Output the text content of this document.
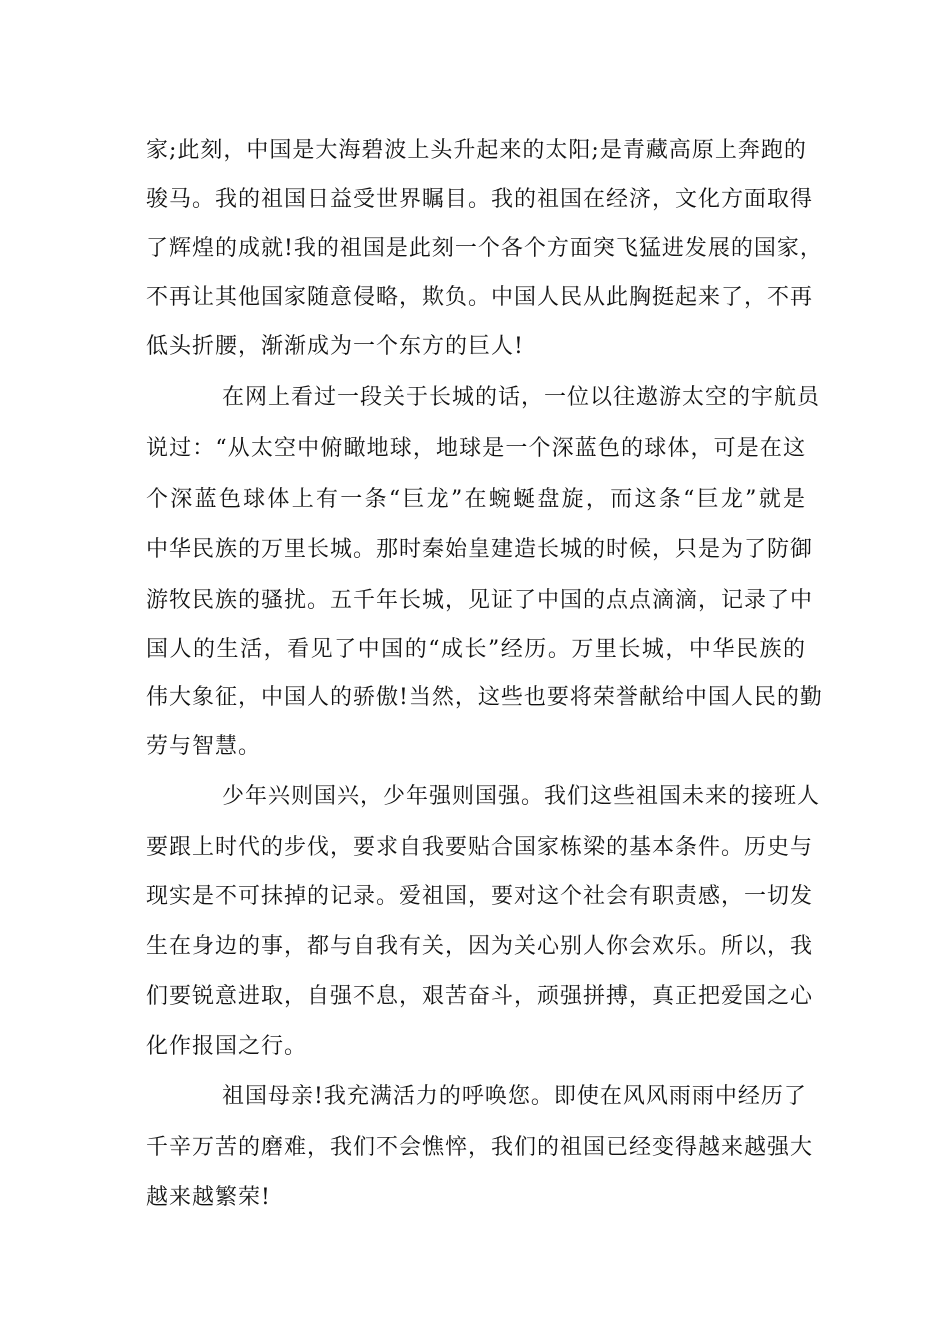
家;此刻，中国是大海碧波上头升起来的太阳;是青藏高原上奔跑的
骏马。我的祖国日益受世界瞩目。我的祖国在经济，文化方面取得
了辉煌的成就!我的祖国是此刻一个各个方面突飞猛进发展的国家，
不再让其他国家随意侵略，欺负。中国人民从此胸挺起来了，不再
低头折腰，渐渐成为一个东方的巨人!
在网上看过一段关于长城的话，一位以往遨游太空的宇航员
说过：“从太空中俯瞰地球，地球是一个深蓝色的球体，可是在这
个深蓝色球体上有一条“巨龙”在蜿蜒盘旋，而这条“巨龙”就是
中华民族的万里长城。那时秦始皇建造长城的时候，只是为了防御
游牧民族的骚扰。五千年长城，见证了中国的点点滴滴，记录了中
国人的生活，看见了中国的“成长”经历。万里长城，中华民族的
伟大象征，中国人的骄傲!当然，这些也要将荣誉献给中国人民的勤
劳与智慧。
少年兴则国兴，少年强则国强。我们这些祖国未来的接班人
要跟上时代的步伐，要求自我要贴合国家栋梁的基本条件。历史与
现实是不可抹掉的记录。爱祖国，要对这个社会有职责感，一切发
生在身边的事，都与自我有关，因为关心别人你会欢乐。所以，我
们要锐意进取，自强不息，艰苦奋斗，顽强拼搏，真正把爱国之心
化作报国之行。
祖国母亲!我充满活力的呼唤您。即使在风风雨雨中经历了
千辛万苦的磨难，我们不会憔悴，我们的祖国已经变得越来越强大
越来越繁荣!
